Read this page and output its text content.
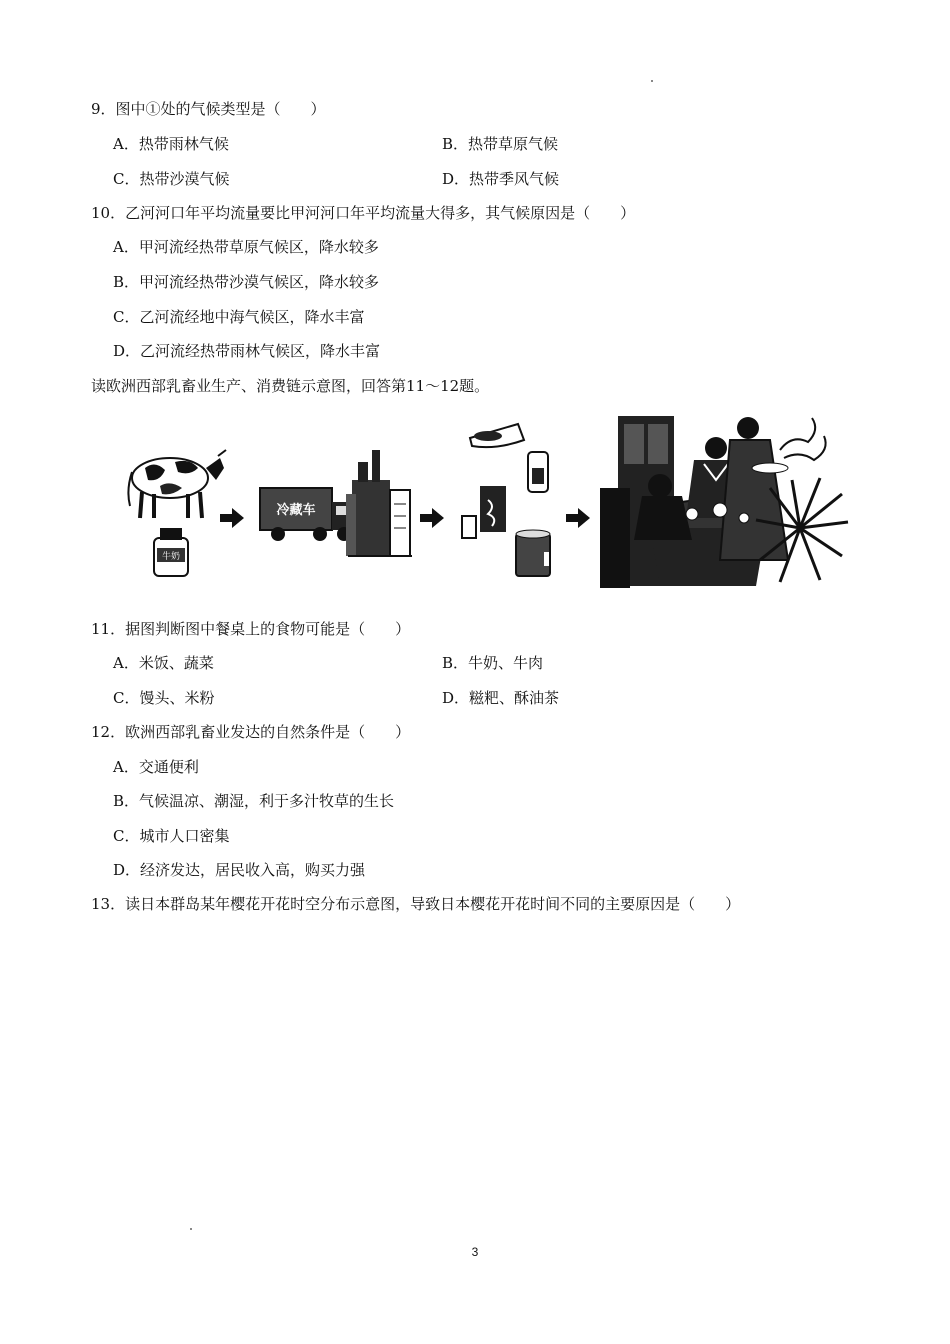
9．图中①处的气候类型是（　　）
A．热带雨林气候	B．热带草原气候
C．热带沙漠气候	D．热带季风气候
10．乙河河口年平均流量要比甲河河口年平均流量大得多，其气候原因是（　　）
A．甲河流经热带草原气候区，降水较多
B．甲河流经热带沙漠气候区，降水较多
C．乙河流经地中海气候区，降水丰富
D．乙河流经热带雨林气候区，降水丰富
读欧洲西部乳畜业生产、消费链示意图，回答第11～12题。
牛奶
冷藏车
11．据图判断图中餐桌上的食物可能是（　　）
A．米饭、蔬菜	B．牛奶、牛肉
C．馒头、米粉	D．糍粑、酥油茶
12．欧洲西部乳畜业发达的自然条件是（　　）
A．交通便利
B．气候温凉、潮湿，利于多汁牧草的生长
C．城市人口密集
D．经济发达，居民收入高，购买力强
13．读日本群岛某年樱花开花时空分布示意图，导致日本樱花开花时间不同的主要原因是（　　）
3
